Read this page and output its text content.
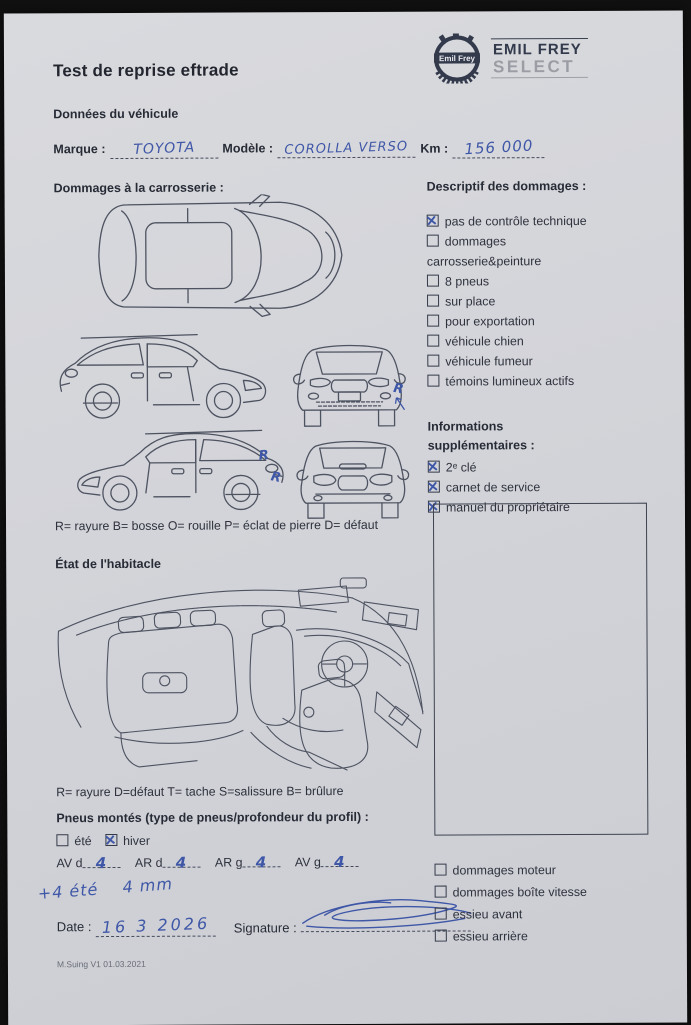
Test de reprise eftrade
Emil Frey
EMIL FREY
SELECT
Données du véhicule
Marque : TOYOTA	Modèle : COROLLA VERSO Km : 156 000
Dommages à la carrosserie :	Descriptif des dommages :
R
R
R
R= rayure B= bosse O= rouille P= éclat de pierre D= défaut
État de l'habitacle
R= rayure D=défaut T= tache S=salissure B= brûlure
Pneus montés (type de pneus/profondeur du profil) :
été ✕	hiver
AV d 4 AR d 4 AR g 4 AV g 4
+4 été    4 mm
Date : 16 3 2026	Signature :
M.Suing V1 01.03.2021
✕pas de contrôle technique
dommages carrosserie&peinture
8 pneus
sur place
pour exportation
véhicule chien
véhicule fumeur
témoins lumineux actifs
Informations supplémentaires :
✕2ᵉ clé
✕carnet de service
✕manuel du propriétaire
dommages moteur
dommages boîte vitesse
essieu avant
essieu arrière
